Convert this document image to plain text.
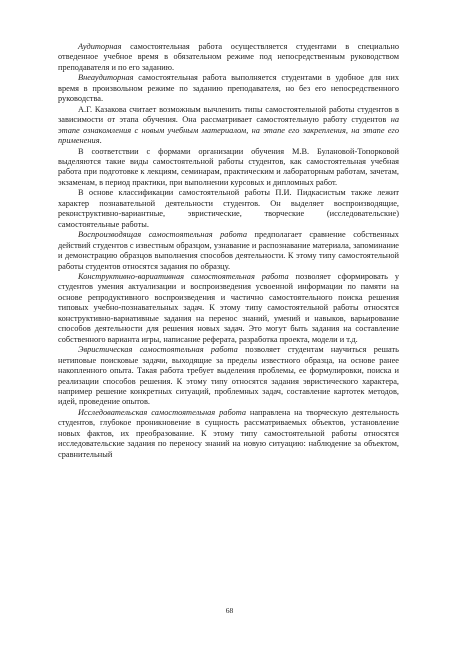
Аудиторная самостоятельная работа осуществляется студентами в специально отведенное учебное время в обязательном режиме под непосредственным руководством преподавателя и по его заданию.

Внеаудиторная самостоятельная работа выполняется студентами в удобное для них время в произвольном режиме по заданию преподавателя, но без его непосредственного руководства.

А.Г. Казакова считает возможным вычленить типы самостоятельной работы студентов в зависимости от этапа обучения. Она рассматривает самостоятельную работу студентов на этапе ознакомления с новым учебным материалом, на этапе его закрепления, на этапе его применения.

В соответствии с формами организации обучения М.В. Булановой-Топорковой выделяются такие виды самостоятельной работы студентов, как самостоятельная учебная работа при подготовке к лекциям, семинарам, практическим и лабораторным работам, зачетам, экзаменам, в период практики, при выполнении курсовых и дипломных работ.

В основе классификации самостоятельной работы П.И. Пидкасистым также лежит характер познавательной деятельности студентов. Он выделяет воспроизводящие, реконструктивно-вариантные, эвристические, творческие (исследовательские) самостоятельные работы.

Воспроизводящая самостоятельная работа предполагает сравнение собственных действий студентов с известным образцом, узнавание и распознавание материала, запоминание и демонстрацию образцов выполнения способов деятельности. К этому типу самостоятельной работы студентов относятся задания по образцу.

Конструктивно-вариативная самостоятельная работа позволяет сформировать у студентов умения актуализации и воспроизведения усвоенной информации по памяти на основе репродуктивного воспроизведения и частично самостоятельного поиска решения типовых учебно-познавательных задач. К этому типу самостоятельной работы относятся конструктивно-вариативные задания на перенос знаний, умений и навыков, варьирование способов деятельности для решения новых задач. Это могут быть задания на составление собственного варианта игры, написание реферата, разработка проекта, модели и т.д.

Эвристическая самостоятельная работа позволяет студентам научиться решать нетиповые поисковые задачи, выходящие за пределы известного образца, на основе ранее накопленного опыта. Такая работа требует выделения проблемы, ее формулировки, поиска и реализации способов решения. К этому типу относятся задания эвристического характера, например решение конкретных ситуаций, проблемных задач, составление картотек методов, идей, проведение опытов.

Исследовательская самостоятельная работа направлена на творческую деятельность студентов, глубокое проникновение в сущность рассматриваемых объектов, установление новых фактов, их преобразование. К этому типу самостоятельной работы относятся исследовательские задания по переносу знаний на новую ситуацию: наблюдение за объектом, сравнительный

68
